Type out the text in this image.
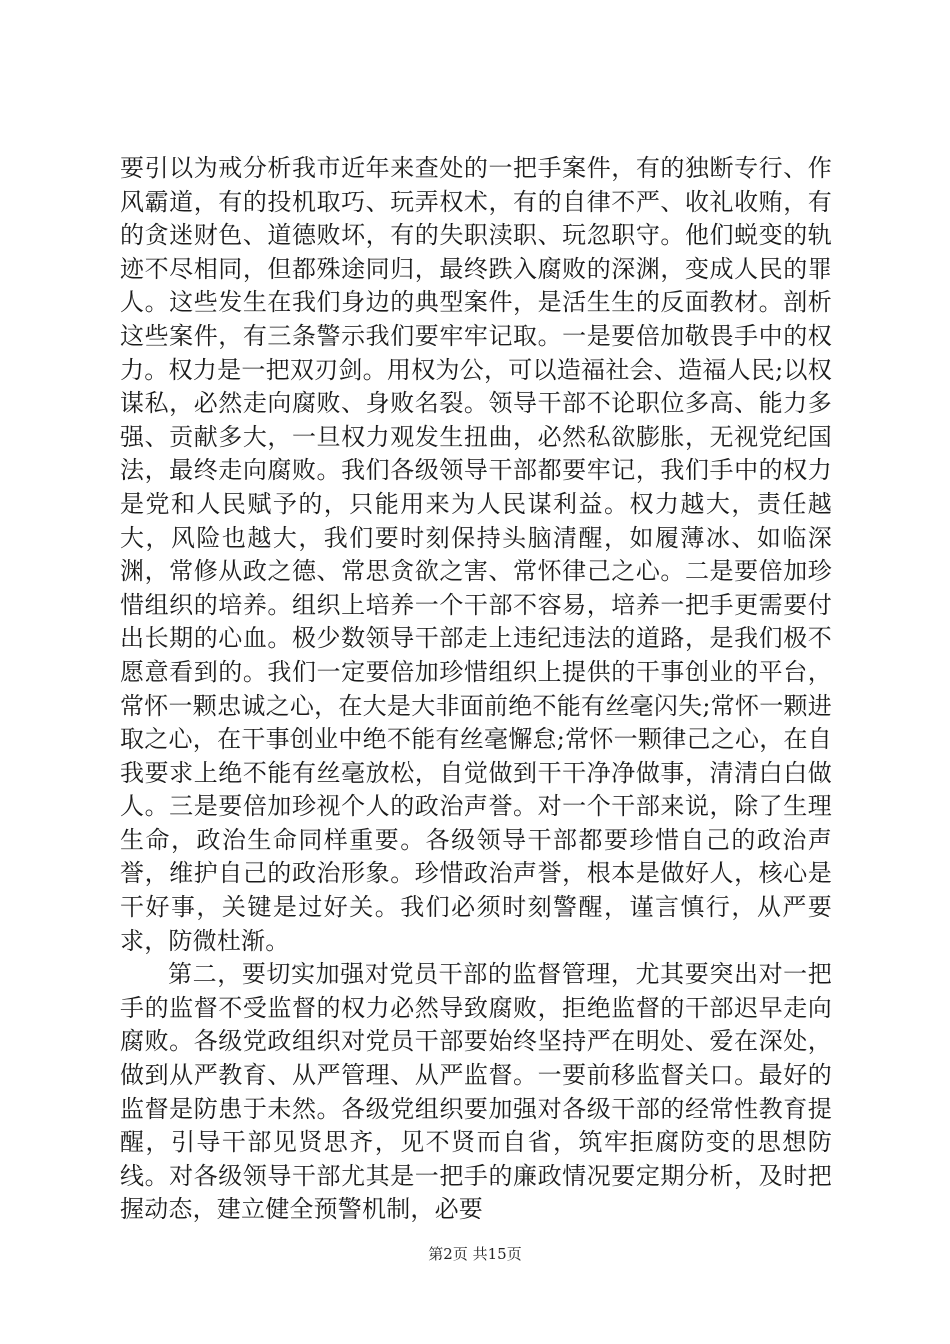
要引以为戒分析我市近年来查处的一把手案件，有的独断专行、作风霸道，有的投机取巧、玩弄权术，有的自律不严、收礼收贿，有的贪迷财色、道德败坏，有的失职渎职、玩忽职守。他们蜕变的轨迹不尽相同，但都殊途同归，最终跌入腐败的深渊，变成人民的罪人。这些发生在我们身边的典型案件，是活生生的反面教材。剖析这些案件，有三条警示我们要牢牢记取。一是要倍加敬畏手中的权力。权力是一把双刃剑。用权为公，可以造福社会、造福人民;以权谋私，必然走向腐败、身败名裂。领导干部不论职位多高、能力多强、贡献多大，一旦权力观发生扭曲，必然私欲膨胀，无视党纪国法，最终走向腐败。我们各级领导干部都要牢记，我们手中的权力是党和人民赋予的，只能用来为人民谋利益。权力越大，责任越大，风险也越大，我们要时刻保持头脑清醒，如履薄冰、如临深渊，常修从政之德、常思贪欲之害、常怀律己之心。二是要倍加珍惜组织的培养。组织上培养一个干部不容易，培养一把手更需要付出长期的心血。极少数领导干部走上违纪违法的道路，是我们极不愿意看到的。我们一定要倍加珍惜组织上提供的干事创业的平台，常怀一颗忠诚之心，在大是大非面前绝不能有丝毫闪失;常怀一颗进取之心，在干事创业中绝不能有丝毫懈怠;常怀一颗律己之心，在自我要求上绝不能有丝毫放松，自觉做到干干净净做事，清清白白做人。三是要倍加珍视个人的政治声誉。对一个干部来说，除了生理生命，政治生命同样重要。各级领导干部都要珍惜自己的政治声誉，维护自己的政治形象。珍惜政治声誉，根本是做好人，核心是干好事，关键是过好关。我们必须时刻警醒，谨言慎行，从严要求，防微杜渐。

第二，要切实加强对党员干部的监督管理，尤其要突出对一把手的监督不受监督的权力必然导致腐败，拒绝监督的干部迟早走向腐败。各级党政组织对党员干部要始终坚持严在明处、爱在深处，做到从严教育、从严管理、从严监督。一要前移监督关口。最好的监督是防患于未然。各级党组织要加强对各级干部的经常性教育提醒，引导干部见贤思齐，见不贤而自省，筑牢拒腐防变的思想防线。对各级领导干部尤其是一把手的廉政情况要定期分析，及时把握动态，建立健全预警机制，必要

第2页 共15页
